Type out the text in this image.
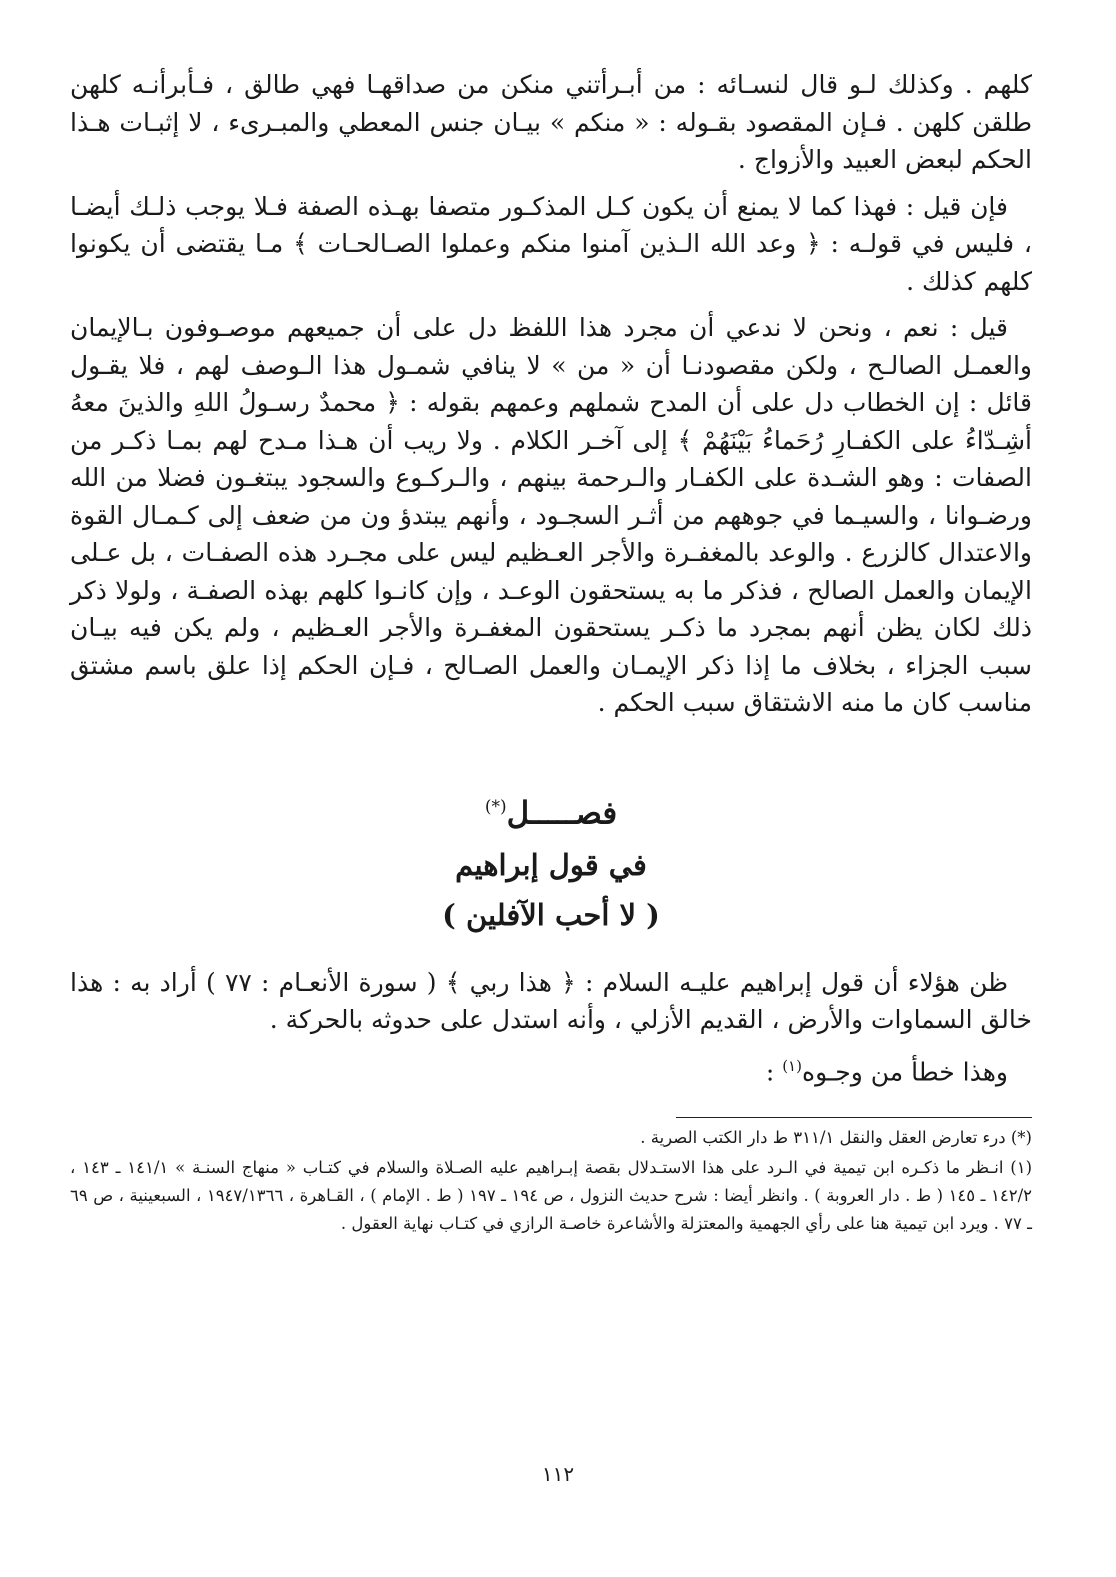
كلهم . وكذلك لـو قال لنسـائه : من أبـرأتني منكن من صداقهـا فهي طالق ، فـأبرأنـه كلهن طلقن كلهن . فـإن المقصود بقـوله : « منكم » بيـان جنس المعطي والمبـرىء ، لا إثبـات هـذا الحكم لبعض العبيد والأزواج .

فإن قيل : فهذا كما لا يمنع أن يكون كـل المذكـور متصفا بهـذه الصفة فـلا يوجب ذلـك أيضـا ، فليس في قولـه : ﴿ وعد الله الـذين آمنوا منكم وعملوا الصـالحـات ﴾ مـا يقتضى أن يكونوا كلهم كذلك .

قيل : نعم ، ونحن لا ندعي أن مجرد هذا اللفظ دل على أن جميعهم موصـوفون بـالإيمان والعمـل الصالـح ، ولكن مقصودنـا أن « من » لا ينافي شمـول هذا الـوصف لهم ، فلا يقـول قائل : إن الخطاب دل على أن المدح شملهم وعمهم بقوله : ﴿ محمدٌ رسـولُ اللهِ والذينَ معهُ أشِـدّاءُ على الكفـارِ رُحَماءُ بَيْنَهُمْ ﴾ إلى آخـر الكلام . ولا ريب أن هـذا مـدح لهم بمـا ذكـر من الصفات : وهو الشـدة على الكفـار والـرحمة بينهم ، والـركـوع والسجود يبتغـون فضلا من الله ورضـوانا ، والسيـما في جوههم من أثـر السجـود ، وأنهم يبتدؤ ون من ضعف إلى كـمـال القوة والاعتدال كالزرع . والوعد بالمغفـرة والأجر العـظيم ليس على مجـرد هذه الصفـات ، بل عـلى الإيمان والعمل الصالح ، فذكر ما به يستحقون الوعـد ، وإن كانـوا كلهم بهذه الصفـة ، ولولا ذكر ذلك لكان يظن أنهم بمجرد ما ذكـر يستحقون المغفـرة والأجر العـظيم ، ولم يكن فيه بيـان سبب الجزاء ، بخلاف ما إذا ذكر الإيمـان والعمل الصـالح ، فـإن الحكم إذا علق باسم مشتق مناسب كان ما منه الاشتقاق سبب الحكم .

فصـــــل(*)
في قول إبراهيم
( لا أحب الآفلين )

ظن هؤلاء أن قول إبراهيم عليـه السلام : ﴿ هذا ربي ﴾ ( سورة الأنعـام : ٧٧ ) أراد به : هذا خالق السماوات والأرض ، القديم الأزلي ، وأنه استدل على حدوثه بالحركة .

وهذا خطأ من وجـوه$^{(١)}$ :

(*) درء تعارض العقل والنقل ٣١١/١ ط دار الكتب الصرية .

(١) انـظر ما ذكـره ابن تيمية في الـرد على هذا الاستـدلال بقصة إبـراهيم عليه الصـلاة والسلام في كتـاب « منهاج السنـة » ١٤١/١ ـ ١٤٣ ، ١٤٢/٢ ـ ١٤٥ ( ط . دار العروبة ) . وانظر أيضا : شرح حديث النزول ، ص ١٩٤ ـ ١٩٧ ( ط . الإمام ) ، القـاهرة ، ١٩٤٧/١٣٦٦ ، السبعينية ، ص ٦٩ ـ ٧٧ . ويرد ابن تيمية هنا على رأي الجهمية والمعتزلة والأشاعرة خاصـة الرازي في كتـاب نهاية العقول .

١١٢
